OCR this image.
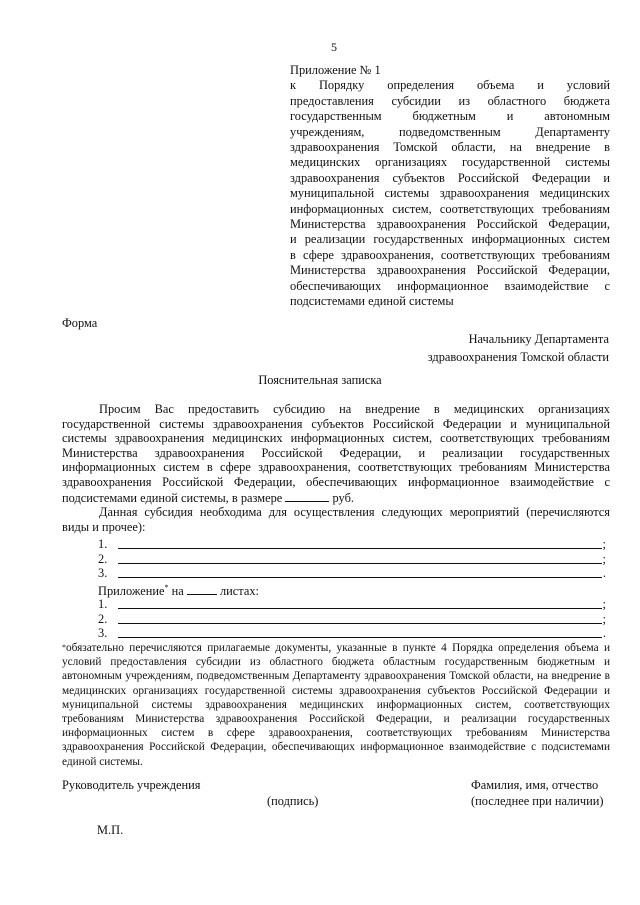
5
Приложение № 1
к Порядку определения объема и условий
предоставления субсидии из областного бюджета
государственным бюджетным и автономным
учреждениям, подведомственным Департаменту
здравоохранения Томской области, на внедрение в
медицинских организациях государственной системы
здравоохранения субъектов Российской Федерации и
муниципальной системы здравоохранения медицинских
информационных систем, соответствующих требованиям
Министерства здравоохранения Российской Федерации,
и реализации государственных информационных систем
в сфере здравоохранения, соответствующих требованиям
Министерства здравоохранения Российской Федерации,
обеспечивающих информационное взаимодействие с
подсистемами единой системы
Форма
Начальнику Департамента
здравоохранения Томской области
Пояснительная записка
Просим Вас предоставить субсидию на внедрение в медицинских организациях
государственной системы здравоохранения субъектов Российской Федерации и муниципальной
системы здравоохранения медицинских информационных систем, соответствующих требованиям
Министерства здравоохранения Российской Федерации, и реализации государственных
информационных систем в сфере здравоохранения, соответствующих требованиям Министерства
здравоохранения Российской Федерации, обеспечивающих информационное взаимодействие с
подсистемами единой системы, в размере	руб.
Данная субсидия необходима для осуществления следующих мероприятий (перечисляются
виды и прочее):
1.	;
2.	;
3.	.
Приложение* на	листах:
1.	;
2.	;
3.	.
*обязательно перечисляются прилагаемые документы, указанные в пункте 4 Порядка определения объема и условий предоставления субсидии из областного бюджета областным государственным бюджетным и автономным учреждениям, подведомственным Департаменту здравоохранения Томской области, на внедрение в медицинских организациях государственной системы здравоохранения субъектов Российской Федерации и муниципальной системы здравоохранения медицинских информационных систем, соответствующих требованиям Министерства здравоохранения Российской Федерации, и реализации государственных информационных систем в сфере здравоохранения, соответствующих требованиям Министерства здравоохранения Российской Федерации, обеспечивающих информационное взаимодействие с подсистемами единой системы.
Руководитель учреждения	Фамилия, имя, отчество
(подпись)	(последнее при наличии)
М.П.
